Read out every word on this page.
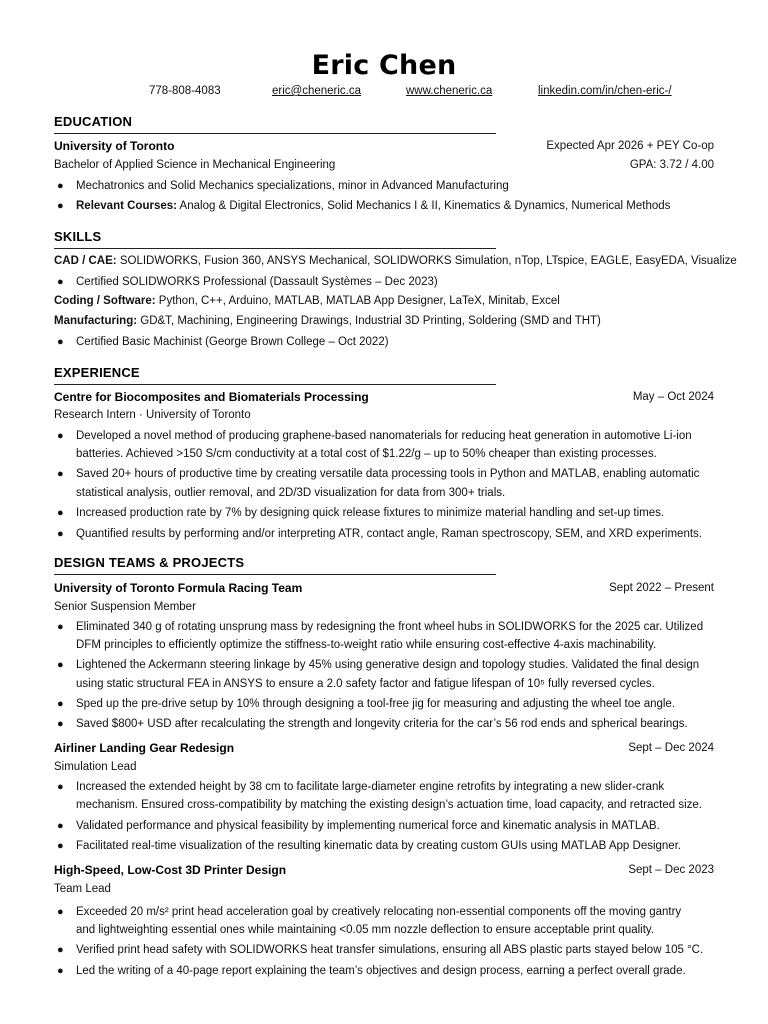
Eric Chen
778-808-4083	eric@cheneric.ca	www.cheneric.ca	linkedin.com/in/chen-eric-/
EDUCATION
University of Toronto	Expected Apr 2026 + PEY Co-op
Bachelor of Applied Science in Mechanical Engineering	GPA: 3.72 / 4.00
● Mechatronics and Solid Mechanics specializations, minor in Advanced Manufacturing
● Relevant Courses: Analog & Digital Electronics, Solid Mechanics I & II, Kinematics & Dynamics, Numerical Methods
SKILLS
CAD / CAE: SOLIDWORKS, Fusion 360, ANSYS Mechanical, SOLIDWORKS Simulation, nTop, LTspice, EAGLE, EasyEDA, Visualize
● Certified SOLIDWORKS Professional (Dassault Systèmes – Dec 2023)
Coding / Software: Python, C++, Arduino, MATLAB, MATLAB App Designer, LaTeX, Minitab, Excel
Manufacturing: GD&T, Machining, Engineering Drawings, Industrial 3D Printing, Soldering (SMD and THT)
● Certified Basic Machinist (George Brown College – Oct 2022)
EXPERIENCE
Centre for Biocomposites and Biomaterials Processing	May – Oct 2024
Research Intern · University of Toronto
● Developed a novel method of producing graphene-based nanomaterials for reducing heat generation in automotive Li-ion
batteries. Achieved >150 S/cm conductivity at a total cost of $1.22/g – up to 50% cheaper than existing processes.
● Saved 20+ hours of productive time by creating versatile data processing tools in Python and MATLAB, enabling automatic
statistical analysis, outlier removal, and 2D/3D visualization for data from 300+ trials.
● Increased production rate by 7% by designing quick release fixtures to minimize material handling and set-up times.
● Quantified results by performing and/or interpreting ATR, contact angle, Raman spectroscopy, SEM, and XRD experiments.
DESIGN TEAMS & PROJECTS
University of Toronto Formula Racing Team	Sept 2022 – Present
Senior Suspension Member
● Eliminated 340 g of rotating unsprung mass by redesigning the front wheel hubs in SOLIDWORKS for the 2025 car. Utilized
DFM principles to efficiently optimize the stiffness-to-weight ratio while ensuring cost-effective 4-axis machinability.
● Lightened the Ackermann steering linkage by 45% using generative design and topology studies. Validated the final design
using static structural FEA in ANSYS to ensure a 2.0 safety factor and fatigue lifespan of 10⁵ fully reversed cycles.
● Sped up the pre-drive setup by 10% through designing a tool-free jig for measuring and adjusting the wheel toe angle.
● Saved $800+ USD after recalculating the strength and longevity criteria for the car’s 56 rod ends and spherical bearings.
Airliner Landing Gear Redesign	Sept – Dec 2024
Simulation Lead
● Increased the extended height by 38 cm to facilitate large-diameter engine retrofits by integrating a new slider-crank
mechanism. Ensured cross-compatibility by matching the existing design’s actuation time, load capacity, and retracted size.
● Validated performance and physical feasibility by implementing numerical force and kinematic analysis in MATLAB.
● Facilitated real-time visualization of the resulting kinematic data by creating custom GUIs using MATLAB App Designer.
High-Speed, Low-Cost 3D Printer Design	Sept – Dec 2023
Team Lead
● Exceeded 20 m/s² print head acceleration goal by creatively relocating non-essential components off the moving gantry
and lightweighting essential ones while maintaining <0.05 mm nozzle deflection to ensure acceptable print quality.
● Verified print head safety with SOLIDWORKS heat transfer simulations, ensuring all ABS plastic parts stayed below 105 °C.
● Led the writing of a 40-page report explaining the team’s objectives and design process, earning a perfect overall grade.
